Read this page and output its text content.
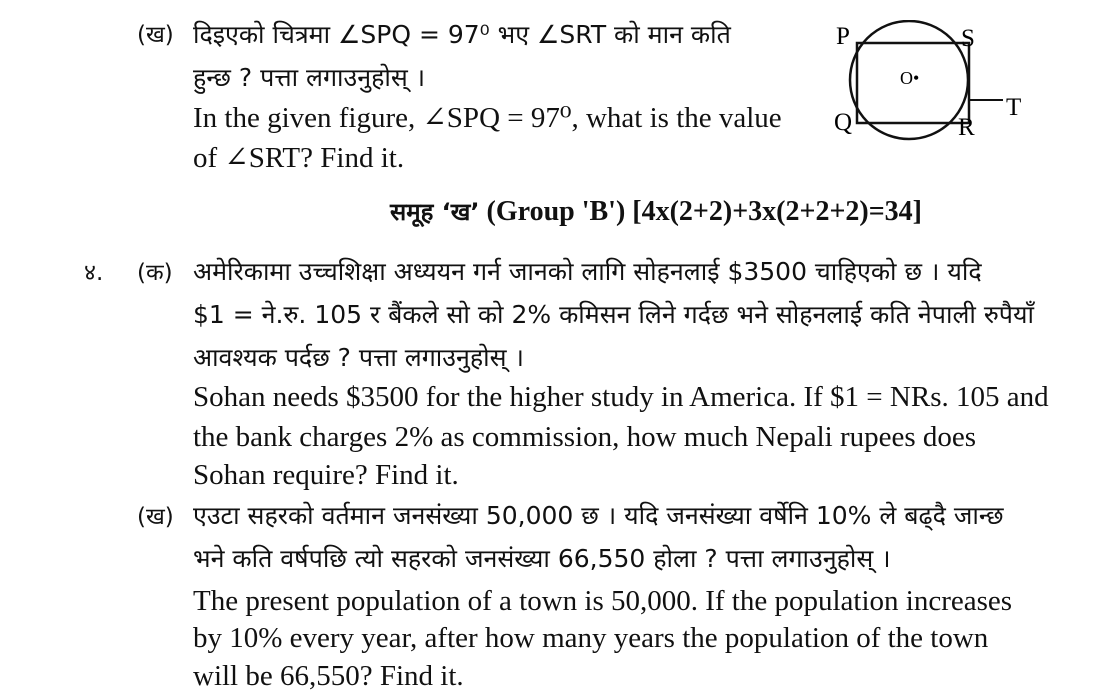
(ख) दिइएको चित्रमा ∠SPQ = 97⁰ भए ∠SRT को मान कति
हुन्छ ? पत्ता लगाउनुहोस् ।
In the given figure, ∠SPQ = 97⁰, what is the value
of ∠SRT? Find it.
P	S
Q	R
T
O•
समूह ‘ख’ (Group 'B') [4x(2+2)+3x(2+2+2)=34]
४. (क) अमेरिकामा उच्चशिक्षा अध्ययन गर्न जानको लागि सोहनलाई $3500 चाहिएको छ । यदि
$1 = ने.रु. 105 र बैंकले सो को 2% कमिसन लिने गर्दछ भने सोहनलाई कति नेपाली रुपैयाँ
आवश्यक पर्दछ ? पत्ता लगाउनुहोस् ।
Sohan needs $3500 for the higher study in America. If $1 = NRs. 105 and
the bank charges 2% as commission, how much Nepali rupees does
Sohan require? Find it.
(ख) एउटा सहरको वर्तमान जनसंख्या 50,000 छ । यदि जनसंख्या वर्षेनि 10% ले बढ्दै जान्छ
भने कति वर्षपछि त्यो सहरको जनसंख्या 66,550 होला ? पत्ता लगाउनुहोस् ।
The present population of a town is 50,000. If the population increases
by 10% every year, after how many years the population of the town
will be 66,550? Find it.
